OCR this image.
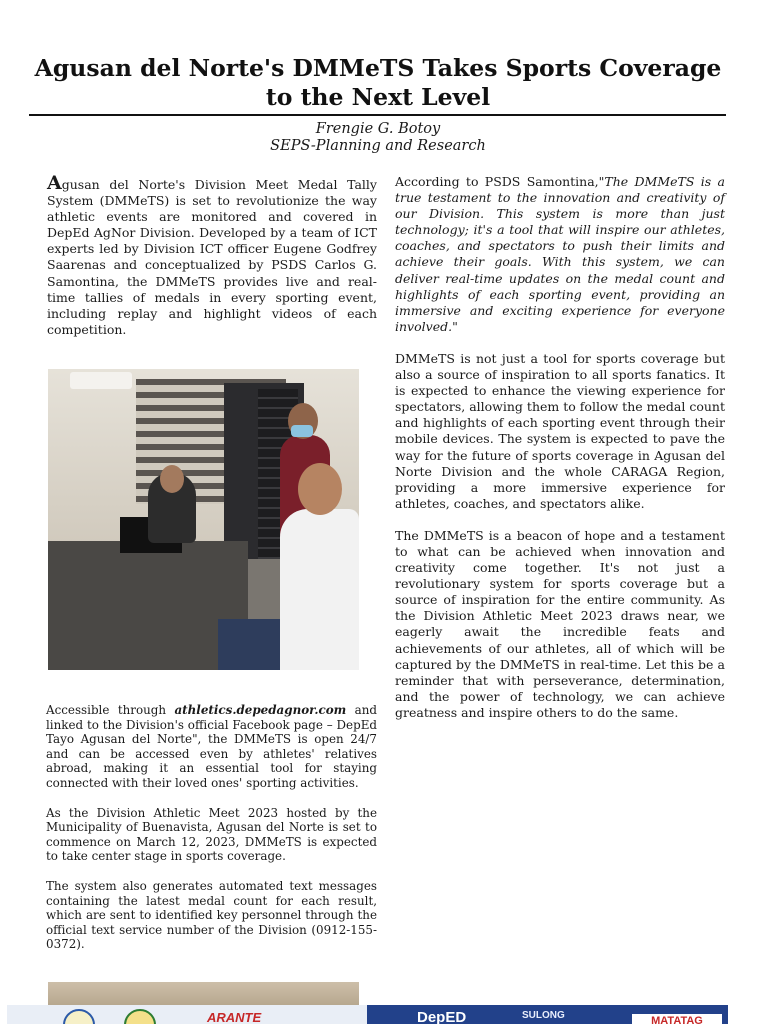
Agusan del Norte's DMMeTS Takes Sports Coverage to the Next Level
Frengie G. Botoy
SEPS-Planning and Research

Agusan del Norte's Division Meet Medal Tally System (DMMeTS) is set to revolutionize the way athletic events are monitored and covered in DepEd AgNor Division. Developed by a team of ICT experts led by Division ICT officer Eugene Godfrey Saarenas and conceptualized by PSDS Carlos G. Samontina, the DMMeTS provides live and real-time tallies of medals in every sporting event, including replay and highlight videos of each competition.

Accessible through athletics.depedagnor.com and linked to the Division's official Facebook page – DepEd Tayo Agusan del Norte", the DMMeTS is open 24/7 and can be accessed even by athletes' relatives abroad, making it an essential tool for staying connected with their loved ones' sporting activities.

As the Division Athletic Meet 2023 hosted by the Municipality of Buenavista, Agusan del Norte is set to commence on March 12, 2023, DMMeTS is expected to take center stage in sports coverage.

The system also generates automated text messages containing the latest medal count for each result, which are sent to identified key personnel through the official text service number of the Division (0912-155-0372).

According to PSDS Samontina,"The DMMeTS is a true testament to the innovation and creativity of our Division. This system is more than just technology; it's a tool that will inspire our athletes, coaches, and spectators to push their limits and achieve their goals. With this system, we can deliver real-time updates on the medal count and highlights of each sporting event, providing an immersive and exciting experience for everyone involved."

DMMeTS is not just a tool for sports coverage but also a source of inspiration to all sports fanatics. It is expected to enhance the viewing experience for spectators, allowing them to follow the medal count and highlights of each sporting event through their mobile devices. The system is expected to pave the way for the future of sports coverage in Agusan del Norte Division and the whole CARAGA Region, providing a more immersive experience for athletes, coaches, and spectators alike.

The DMMeTS is a beacon of hope and a testament to what can be achieved when innovation and creativity come together. It's not just a revolutionary system for sports coverage but a source of inspiration for the entire community. As the Division Athletic Meet 2023 draws near, we eagerly await the incredible feats and achievements of our athletes, all of which will be captured by the DMMeTS in real-time. Let this be a reminder that with perseverance, determination, and the power of technology, we can achieve greatness and inspire others to do the same.

ARANTE	DepED	SULONG	MATATAG
